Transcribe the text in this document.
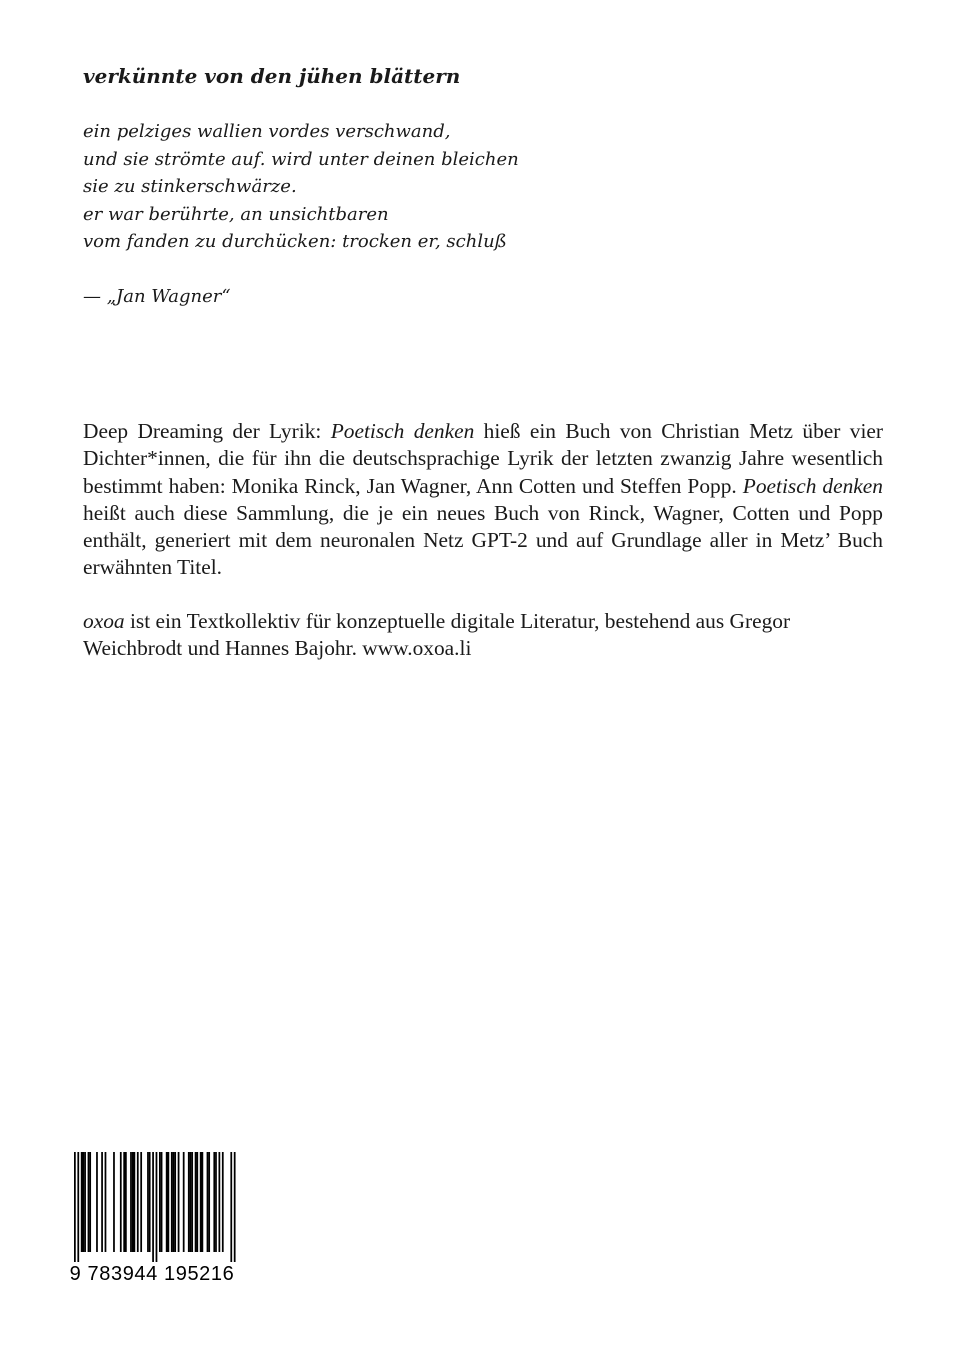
verkünnte von den jühen blättern
ein pelziges wallien vordes verschwand,
und sie strömte auf. wird unter deinen bleichen
sie zu stinkerschwärze.
er war berührte, an unsichtbaren
vom fanden zu durchücken: trocken er, schluß
— „Jan Wagner“

Deep Dreaming der Lyrik: Poetisch denken hieß ein Buch von Christian Metz über vier Dichter*innen, die für ihn die deutschsprachige Lyrik der letzten zwanzig Jahre wesentlich bestimmt haben: Monika Rinck, Jan Wagner, Ann Cotten und Steffen Popp. Poetisch denken heißt auch diese Sammlung, die je ein neues Buch von Rinck, Wagner, Cotten und Popp enthält, generiert mit dem neuronalen Netz GPT-2 und auf Grundlage aller in Metz’ Buch erwähnten Titel.

oxoa ist ein Textkollektiv für konzeptuelle digitale Literatur, bestehend aus Gregor Weichbrodt und Hannes Bajohr. www.oxoa.li

9 783944 195216
